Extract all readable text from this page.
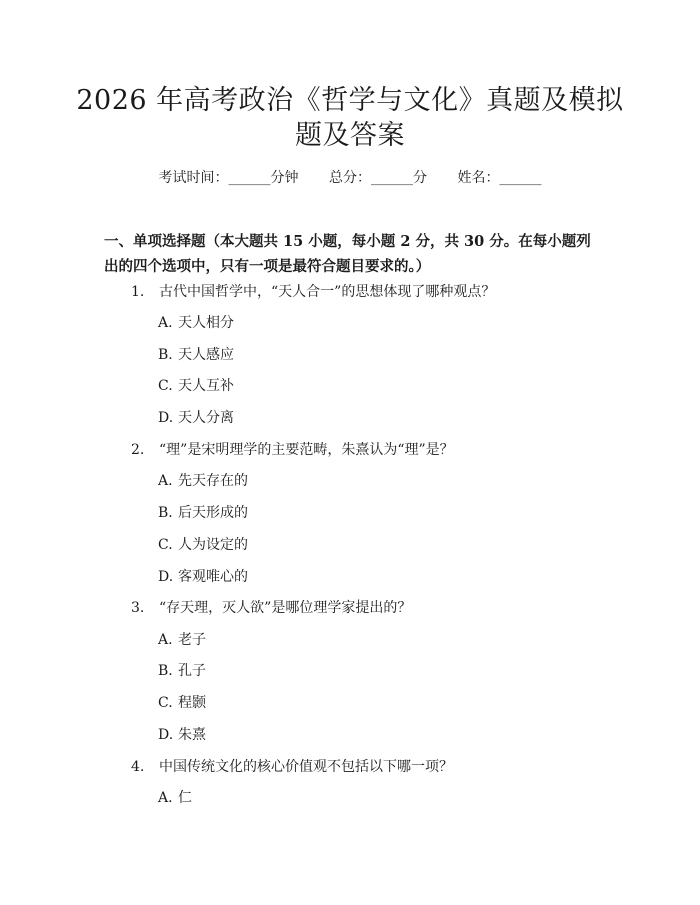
2026 年高考政治《哲学与文化》真题及模拟
题及答案
考试时间：______分钟 总分：______分 姓名：______

一、单项选择题（本大题共 15 小题，每小题 2 分，共 30 分。在每小题列出的四个选项中，只有一项是最符合题目要求的。）

1. 古代中国哲学中，“天人合一”的思想体现了哪种观点？
A. 天人相分
B. 天人感应
C. 天人互补
D. 天人分离
2. “理”是宋明理学的主要范畴，朱熹认为“理”是？
A. 先天存在的
B. 后天形成的
C. 人为设定的
D. 客观唯心的
3. “存天理，灭人欲”是哪位理学家提出的？
A. 老子
B. 孔子
C. 程颢
D. 朱熹
4. 中国传统文化的核心价值观不包括以下哪一项？
A. 仁
